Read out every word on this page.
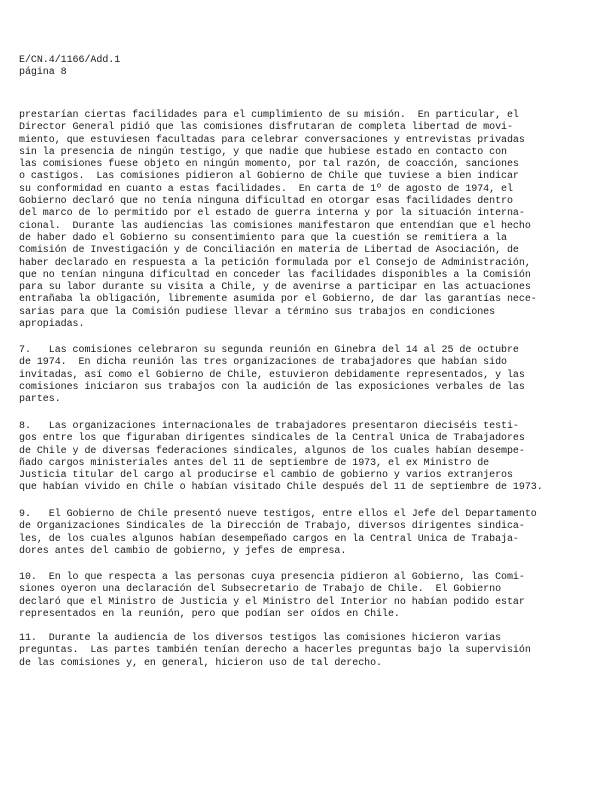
E/CN.4/1166/Add.1
página 8
prestarían ciertas facilidades para el cumplimiento de su misión.  En particular, el
Director General pidió que las comisiones disfrutaran de completa libertad de movi-
miento, que estuviesen facultadas para celebrar conversaciones y entrevistas privadas
sin la presencia de ningún testigo, y que nadie que hubiese estado en contacto con
las comisiones fuese objeto en ningún momento, por tal razón, de coacción, sanciones
o castigos.  Las comisiones pidieron al Gobierno de Chile que tuviese a bien indicar
su conformidad en cuanto a estas facilidades.  En carta de 1º de agosto de 1974, el
Gobierno declaró que no tenía ninguna dificultad en otorgar esas facilidades dentro
del marco de lo permitido por el estado de guerra interna y por la situación interna-
cional.  Durante las audiencias las comisiones manifestaron que entendían que el hecho
de haber dado el Gobierno su consentimiento para que la cuestión se remitiera a la
Comisión de Investigación y de Conciliación en materia de Libertad de Asociación, de
haber declarado en respuesta a la petición formulada por el Consejo de Administración,
que no tenían ninguna dificultad en conceder las facilidades disponibles a la Comisión
para su labor durante su visita a Chile, y de avenirse a participar en las actuaciones
entrañaba la obligación, libremente asumida por el Gobierno, de dar las garantías nece-
sarias para que la Comisión pudiese llevar a término sus trabajos en condiciones
apropiadas.
7.   Las comisiones celebraron su segunda reunión en Ginebra del 14 al 25 de octubre
de 1974.  En dicha reunión las tres organizaciones de trabajadores que habían sido
invitadas, así como el Gobierno de Chile, estuvieron debidamente representados, y las
comisiones iniciaron sus trabajos con la audición de las exposiciones verbales de las
partes.
8.   Las organizaciones internacionales de trabajadores presentaron dieciséis testi-
gos entre los que figuraban dirigentes sindicales de la Central Unica de Trabajadores
de Chile y de diversas federaciones sindicales, algunos de los cuales habían desempe-
ñado cargos ministeriales antes del 11 de septiembre de 1973, el ex Ministro de
Justicia titular del cargo al producirse el cambio de gobierno y varios extranjeros
que habían vivido en Chile o habían visitado Chile después del 11 de septiembre de 1973.
9.   El Gobierno de Chile presentó nueve testigos, entre ellos el Jefe del Departamento
de Organizaciones Sindicales de la Dirección de Trabajo, diversos dirigentes sindica-
les, de los cuales algunos habían desempeñado cargos en la Central Unica de Trabaja-
dores antes del cambio de gobierno, y jefes de empresa.
10.  En lo que respecta a las personas cuya presencia pidieron al Gobierno, las Comi-
siones oyeron una declaración del Subsecretario de Trabajo de Chile.  El Gobierno
declaró que el Ministro de Justicia y el Ministro del Interior no habían podido estar
representados en la reunión, pero que podían ser oídos en Chile.
11.  Durante la audiencia de los diversos testigos las comisiones hicieron varias
preguntas.  Las partes también tenían derecho a hacerles preguntas bajo la supervisión
de las comisiones y, en general, hicieron uso de tal derecho.
